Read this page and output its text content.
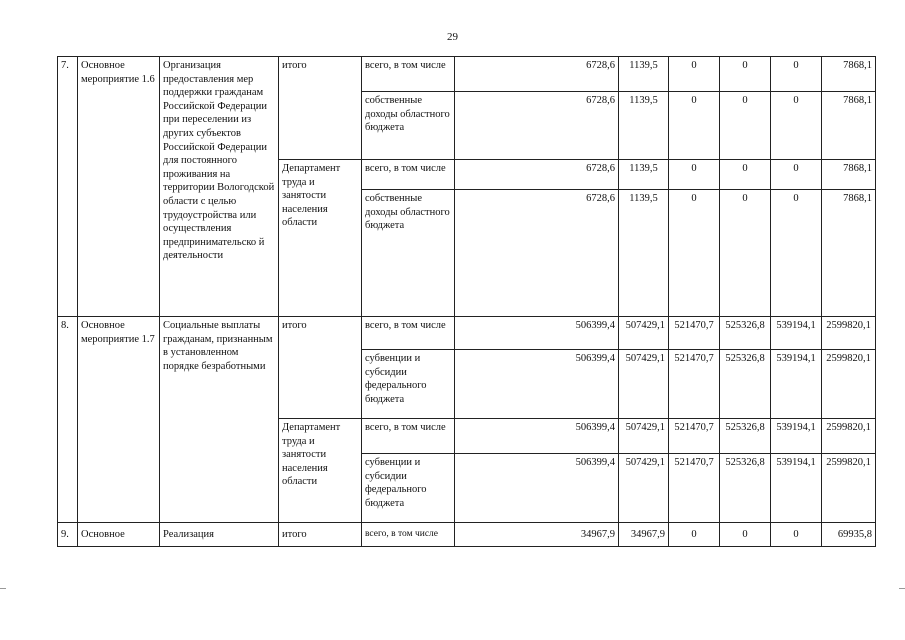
29
7.	Основное мероприятие 1.6	Организация предоставления мер поддержки гражданам Российской Федерации при переселении из других субъектов Российской Федерации для постоянного проживания на территории Вологодской области с целью трудоустройства или осуществления предпринимательско й деятельности	итого	всего, в том числе	6728,6	1139,5	0	0	0	7868,1
				собственные доходы областного бюджета	6728,6	1139,5	0	0	0	7868,1
			Департамент труда и занятости населения области	всего, в том числе	6728,6	1139,5	0	0	0	7868,1
				собственные доходы областного бюджета	6728,6	1139,5	0	0	0	7868,1
8.	Основное мероприятие 1.7	Социальные выплаты гражданам, признанным в установленном порядке безработными	итого	всего, в том числе	506399,4	507429,1	521470,7	525326,8	539194,1	2599820,1
				субвенции и субсидии федерального бюджета	506399,4	507429,1	521470,7	525326,8	539194,1	2599820,1
			Департамент труда и занятости населения области	всего, в том числе	506399,4	507429,1	521470,7	525326,8	539194,1	2599820,1
				субвенции и субсидии федерального бюджета	506399,4	507429,1	521470,7	525326,8	539194,1	2599820,1
9.	Основное	Реализация	итого	всего, в том числе	34967,9	34967,9	0	0	0	69935,8
